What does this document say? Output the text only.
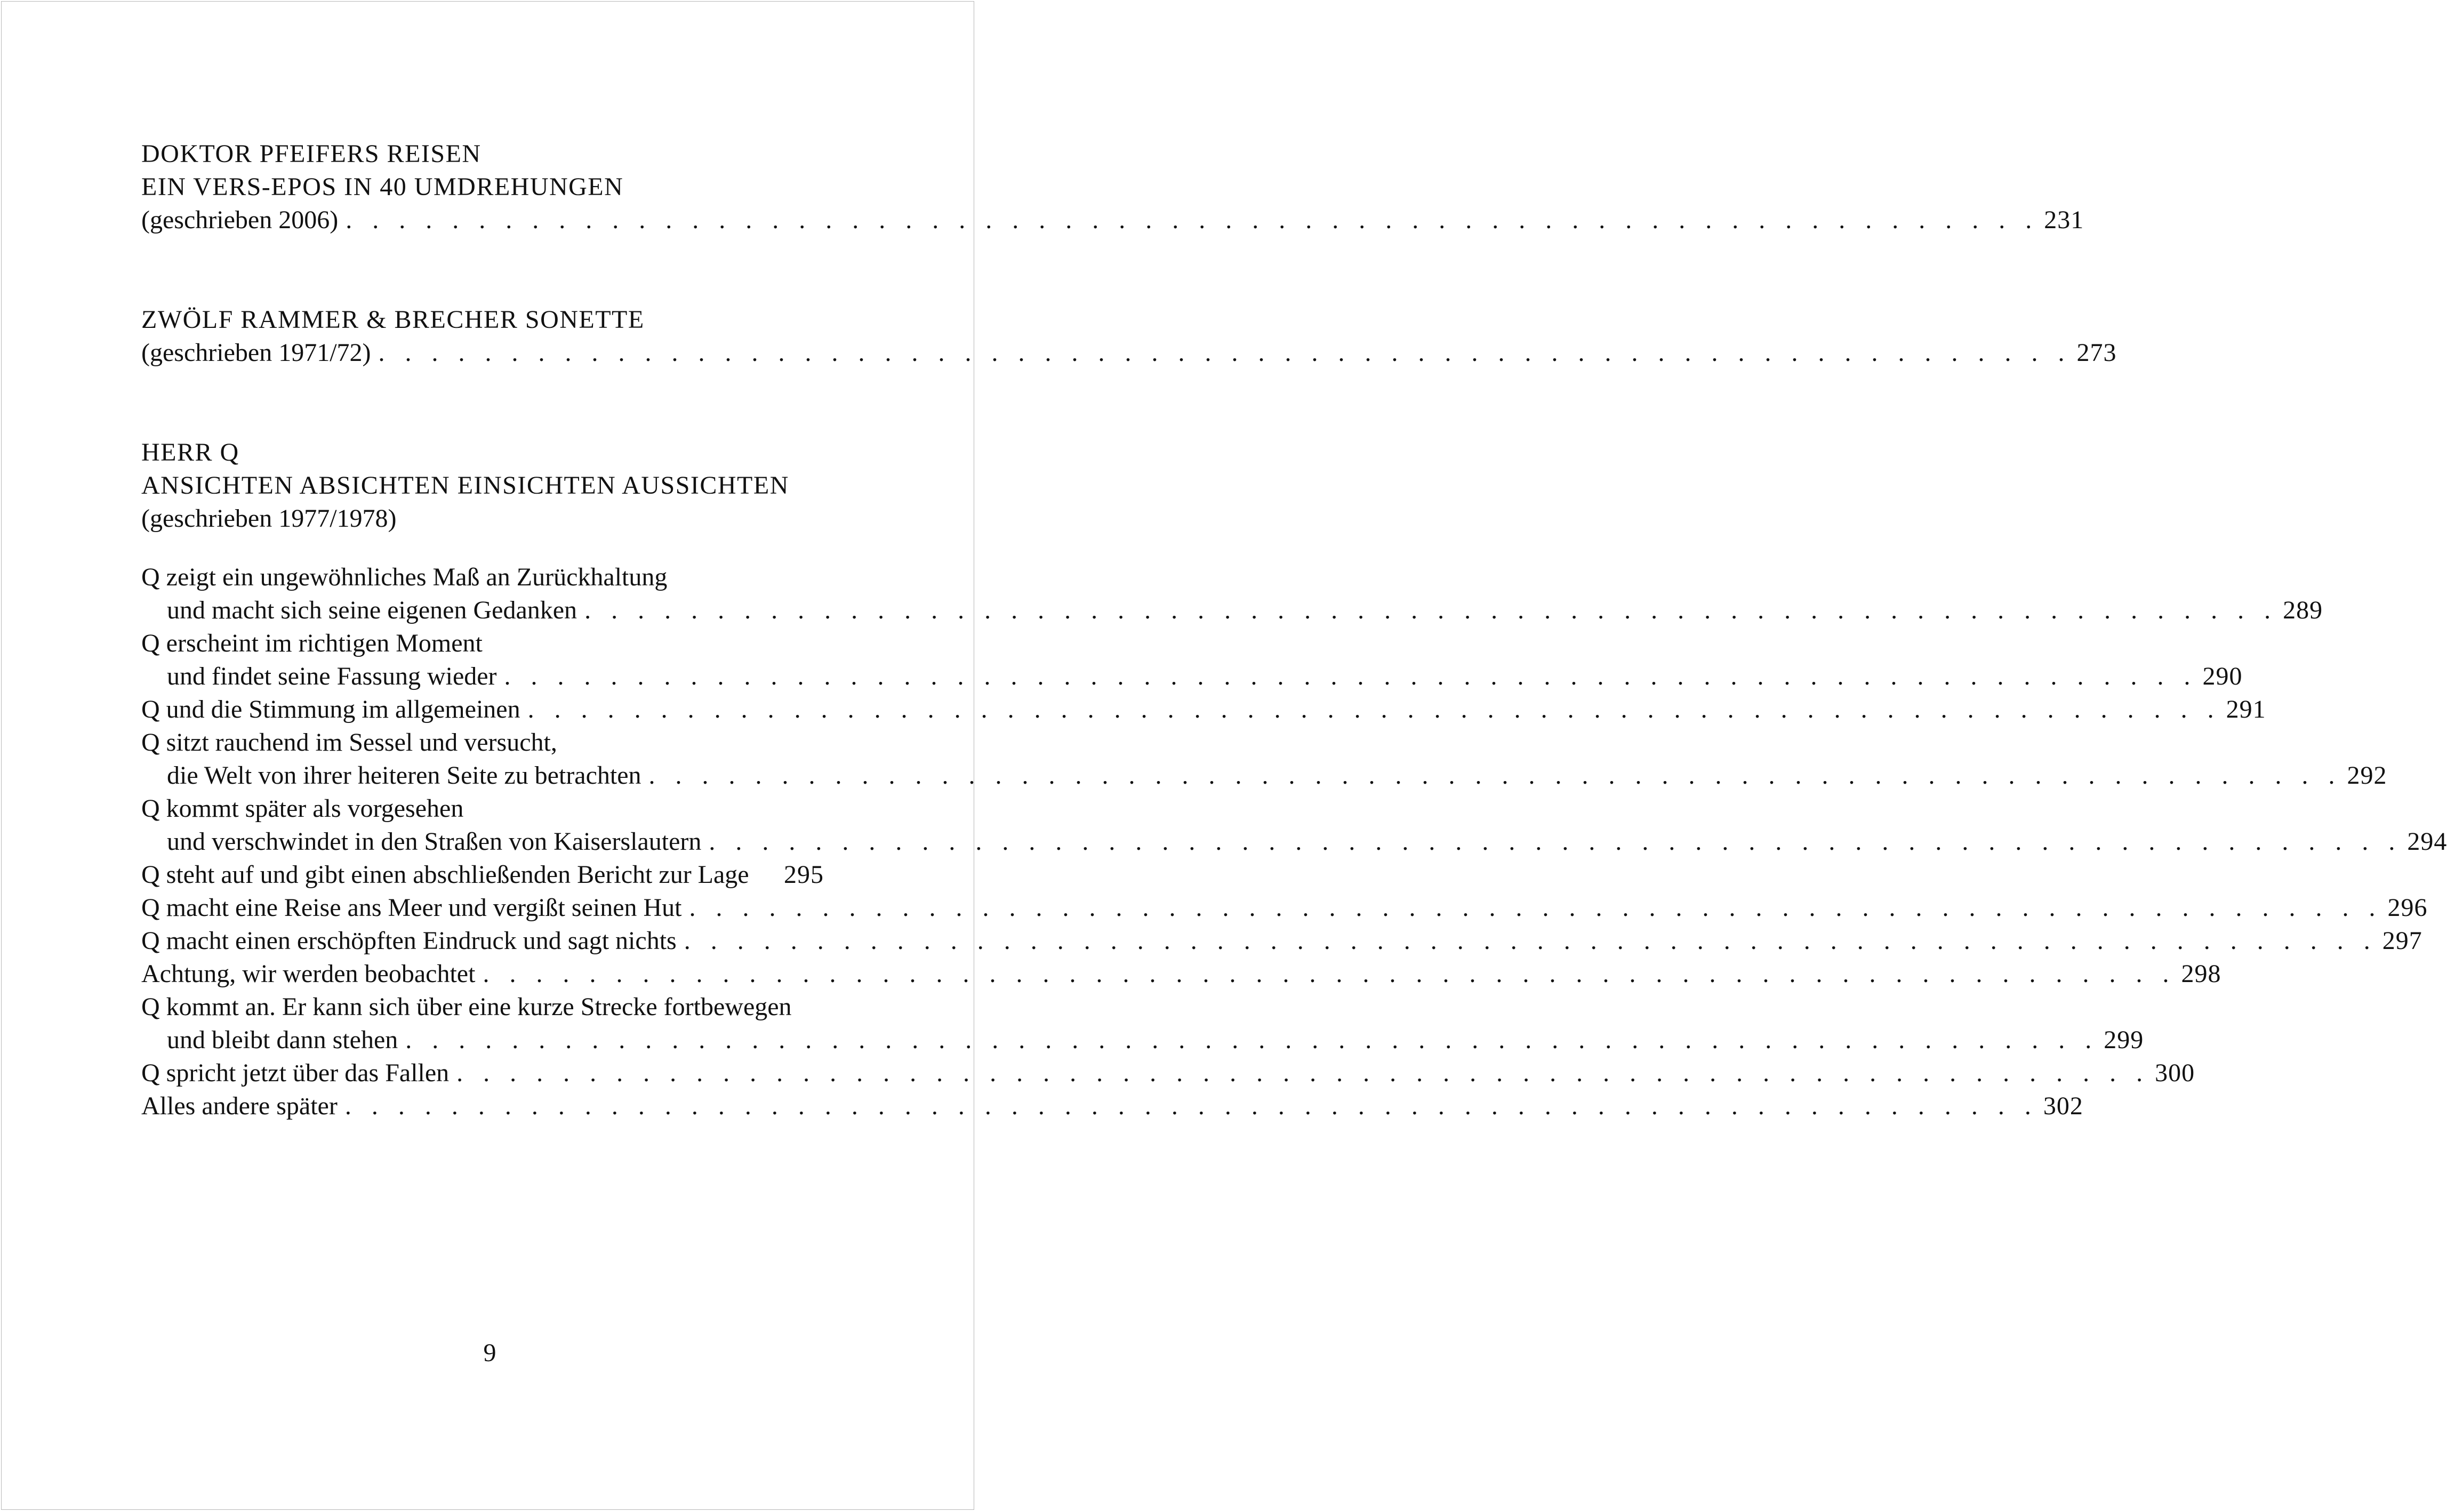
DOKTOR PFEIFERS REISEN
EIN VERS-EPOS IN 40 UMDREHUNGEN
(geschrieben 2006) . . . . . . . . . . . . . . . . . . . . . . . . . . . . . . . . . . . . . . . . . . . . . . . . . . . . . . . . . . . . . . . . 231
ZWÖLF RAMMER & BRECHER SONETTE
(geschrieben 1971/72) . . . . . . . . . . . . . . . . . . . . . . . . . . . . . . . . . . . . . . . . . . . . . . . . . . . . . . . . . . . . . . . . 273
HERR Q
ANSICHTEN ABSICHTEN EINSICHTEN AUSSICHTEN
(geschrieben 1977/1978)
Q zeigt ein ungewöhnliches Maß an Zurückhaltung
und macht sich seine eigenen Gedanken . . . . . . . . . . . . . . . . . . . . . . . . . . . . . . . . . . . . . . . . . . . . . . . . . . . . . . . . . . . . . . . . 289
Q erscheint im richtigen Moment
und findet seine Fassung wieder . . . . . . . . . . . . . . . . . . . . . . . . . . . . . . . . . . . . . . . . . . . . . . . . . . . . . . . . . . . . . . . . 290
Q und die Stimmung im allgemeinen . . . . . . . . . . . . . . . . . . . . . . . . . . . . . . . . . . . . . . . . . . . . . . . . . . . . . . . . . . . . . . . . 291
Q sitzt rauchend im Sessel und versucht,
die Welt von ihrer heiteren Seite zu betrachten . . . . . . . . . . . . . . . . . . . . . . . . . . . . . . . . . . . . . . . . . . . . . . . . . . . . . . . . . . . . . . . . 292
Q kommt später als vorgesehen
und verschwindet in den Straßen von Kaiserslautern . . . . . . . . . . . . . . . . . . . . . . . . . . . . . . . . . . . . . . . . . . . . . . . . . . . . . . . . . . . . . . . . 294
Q steht auf und gibt einen abschließenden Bericht zur Lage 295
Q macht eine Reise ans Meer und vergißt seinen Hut . . . . . . . . . . . . . . . . . . . . . . . . . . . . . . . . . . . . . . . . . . . . . . . . . . . . . . . . . . . . . . . . 296
Q macht einen erschöpften Eindruck und sagt nichts . . . . . . . . . . . . . . . . . . . . . . . . . . . . . . . . . . . . . . . . . . . . . . . . . . . . . . . . . . . . . . . . 297
Achtung, wir werden beobachtet . . . . . . . . . . . . . . . . . . . . . . . . . . . . . . . . . . . . . . . . . . . . . . . . . . . . . . . . . . . . . . . . 298
Q kommt an. Er kann sich über eine kurze Strecke fortbewegen
und bleibt dann stehen . . . . . . . . . . . . . . . . . . . . . . . . . . . . . . . . . . . . . . . . . . . . . . . . . . . . . . . . . . . . . . . . 299
Q spricht jetzt über das Fallen . . . . . . . . . . . . . . . . . . . . . . . . . . . . . . . . . . . . . . . . . . . . . . . . . . . . . . . . . . . . . . . . 300
Alles andere später . . . . . . . . . . . . . . . . . . . . . . . . . . . . . . . . . . . . . . . . . . . . . . . . . . . . . . . . . . . . . . . . 302
9
